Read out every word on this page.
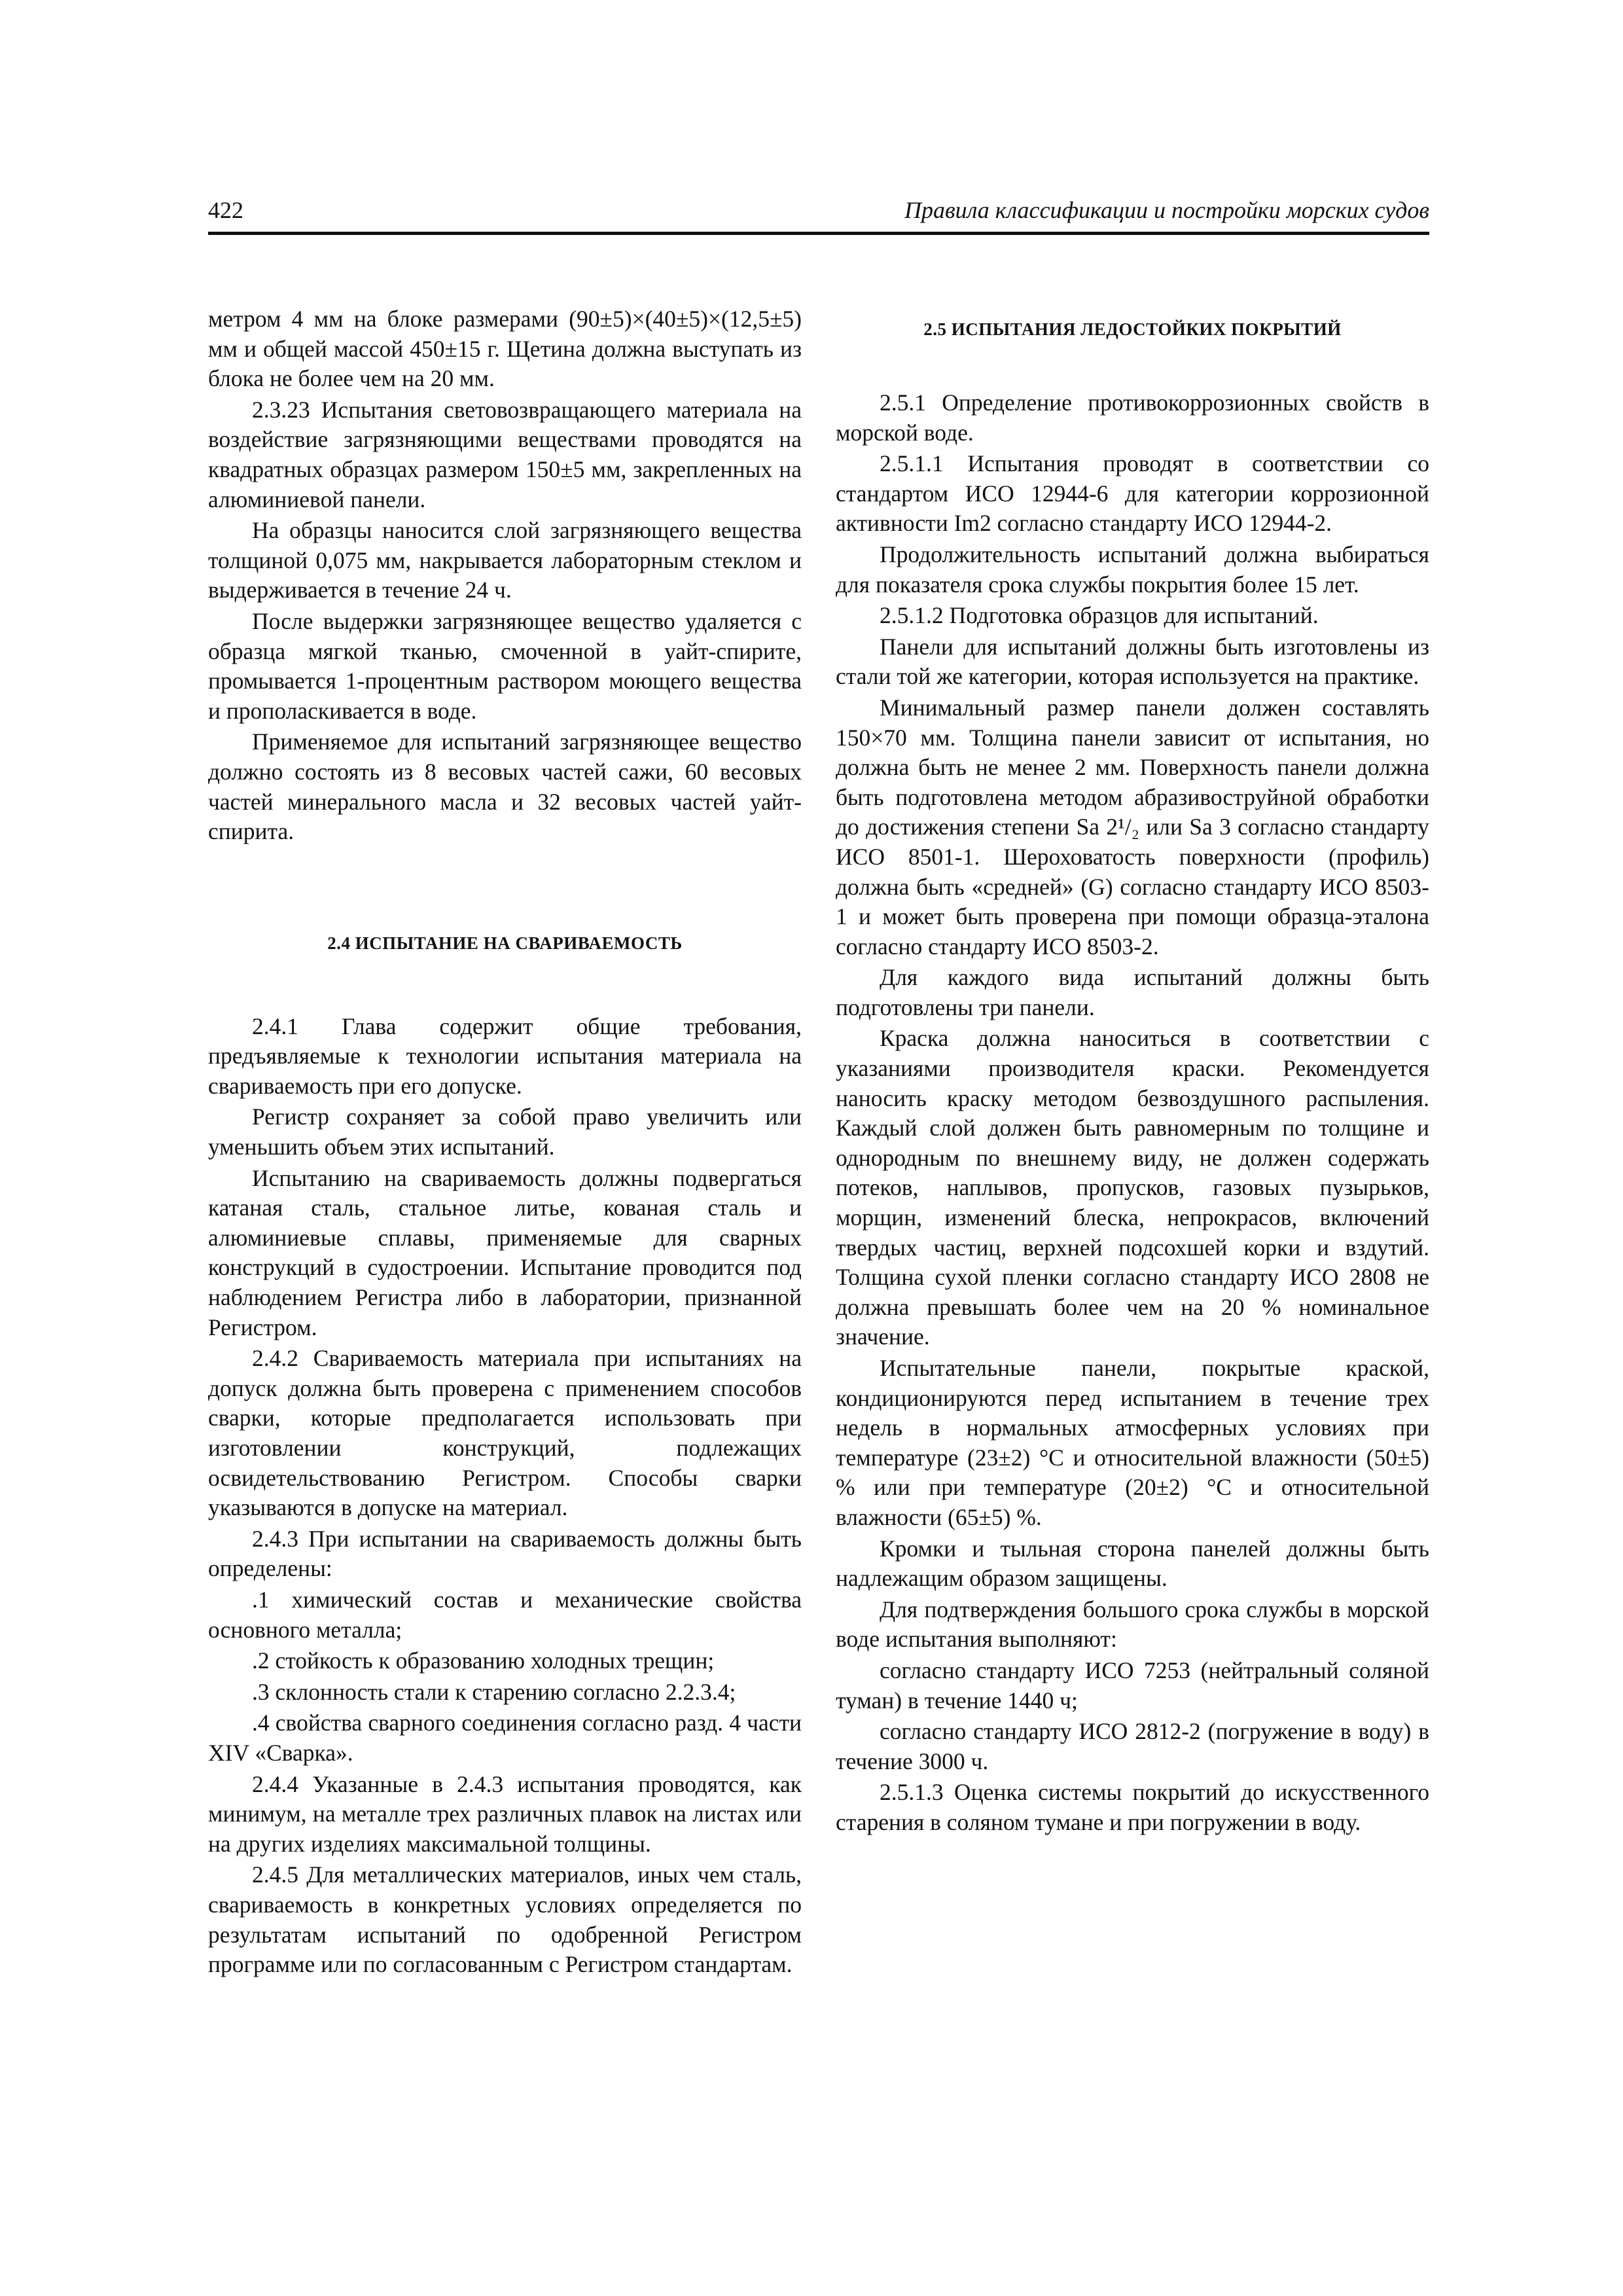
422	Правила классификации и постройки морских судов

метром 4 мм на блоке размерами (90±5)×(40±5)×(12,5±5) мм и общей массой 450±15 г. Щетина должна выступать из блока не более чем на 20 мм.

2.3.23 Испытания световозвращающего материала на воздействие загрязняющими веществами проводятся на квадратных образцах размером 150±5 мм, закрепленных на алюминиевой панели.

На образцы наносится слой загрязняющего вещества толщиной 0,075 мм, накрывается лабораторным стеклом и выдерживается в течение 24 ч.

После выдержки загрязняющее вещество удаляется с образца мягкой тканью, смоченной в уайт-спирите, промывается 1-процентным раствором моющего вещества и прополаскивается в воде.

Применяемое для испытаний загрязняющее вещество должно состоять из 8 весовых частей сажи, 60 весовых частей минерального масла и 32 весовых частей уайт-спирита.

2.4 ИСПЫТАНИЕ НА СВАРИВАЕМОСТЬ

2.4.1 Глава содержит общие требования, предъявляемые к технологии испытания материала на свариваемость при его допуске.

Регистр сохраняет за собой право увеличить или уменьшить объем этих испытаний.

Испытанию на свариваемость должны подвергаться катаная сталь, стальное литье, кованая сталь и алюминиевые сплавы, применяемые для сварных конструкций в судостроении. Испытание проводится под наблюдением Регистра либо в лаборатории, признанной Регистром.

2.4.2 Свариваемость материала при испытаниях на допуск должна быть проверена с применением способов сварки, которые предполагается использовать при изготовлении конструкций, подлежащих освидетельствованию Регистром. Способы сварки указываются в допуске на материал.

2.4.3 При испытании на свариваемость должны быть определены:

.1 химический состав и механические свойства основного металла;

.2 стойкость к образованию холодных трещин;

.3 склонность стали к старению согласно 2.2.3.4;

.4 свойства сварного соединения согласно разд. 4 части XIV «Сварка».

2.4.4 Указанные в 2.4.3 испытания проводятся, как минимум, на металле трех различных плавок на листах или на других изделиях максимальной толщины.

2.4.5 Для металлических материалов, иных чем сталь, свариваемость в конкретных условиях определяется по результатам испытаний по одобренной Регистром программе или по согласованным с Регистром стандартам.

2.5 ИСПЫТАНИЯ ЛЕДОСТОЙКИХ ПОКРЫТИЙ

2.5.1 Определение противокоррозионных свойств в морской воде.

2.5.1.1 Испытания проводят в соответствии со стандартом ИСО 12944-6 для категории коррозионной активности Im2 согласно стандарту ИСО 12944-2.

Продолжительность испытаний должна выбираться для показателя срока службы покрытия более 15 лет.

2.5.1.2 Подготовка образцов для испытаний.

Панели для испытаний должны быть изготовлены из стали той же категории, которая используется на практике.

Минимальный размер панели должен составлять 150×70 мм. Толщина панели зависит от испытания, но должна быть не менее 2 мм. Поверхность панели должна быть подготовлена методом абразивоструйной обработки до достижения степени Sa 2¹/₂ или Sa 3 согласно стандарту ИСО 8501-1. Шероховатость поверхности (профиль) должна быть «средней» (G) согласно стандарту ИСО 8503-1 и может быть проверена при помощи образца-эталона согласно стандарту ИСО 8503-2.

Для каждого вида испытаний должны быть подготовлены три панели.

Краска должна наноситься в соответствии с указаниями производителя краски. Рекомендуется наносить краску методом безвоздушного распыления. Каждый слой должен быть равномерным по толщине и однородным по внешнему виду, не должен содержать потеков, наплывов, пропусков, газовых пузырьков, морщин, изменений блеска, непрокрасов, включений твердых частиц, верхней подсохшей корки и вздутий. Толщина сухой пленки согласно стандарту ИСО 2808 не должна превышать более чем на 20 % номинальное значение.

Испытательные панели, покрытые краской, кондиционируются перед испытанием в течение трех недель в нормальных атмосферных условиях при температуре (23±2) °С и относительной влажности (50±5) % или при температуре (20±2) °С и относительной влажности (65±5) %.

Кромки и тыльная сторона панелей должны быть надлежащим образом защищены.

Для подтверждения большого срока службы в морской воде испытания выполняют:

согласно стандарту ИСО 7253 (нейтральный соляной туман) в течение 1440 ч;

согласно стандарту ИСО 2812-2 (погружение в воду) в течение 3000 ч.

2.5.1.3 Оценка системы покрытий до искусственного старения в соляном тумане и при погружении в воду.
